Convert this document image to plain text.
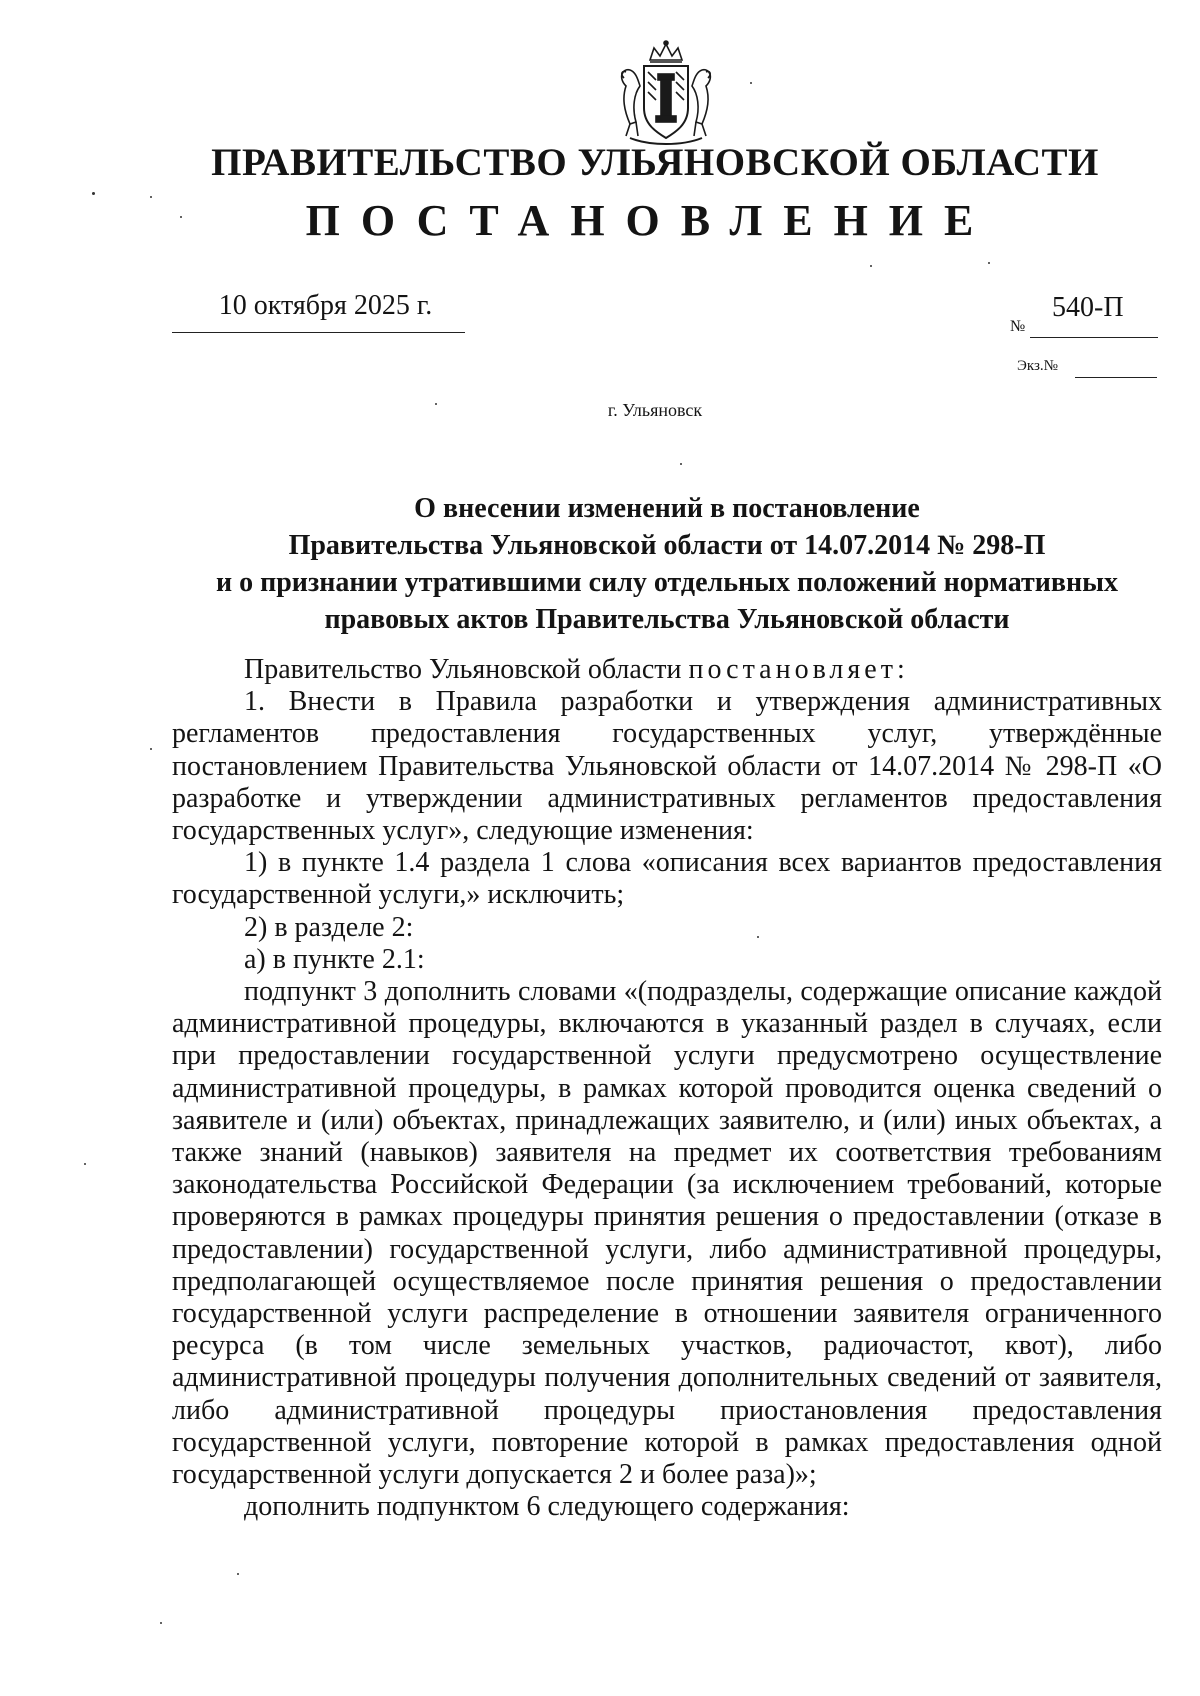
ПРАВИТЕЛЬСТВО УЛЬЯНОВСКОЙ ОБЛАСТИ
ПОСТАНОВЛЕНИЕ
10 октября 2025 г.
№
540-П
Экз.№
г. Ульяновск
О внесении изменений в постановление
Правительства Ульяновской области от 14.07.2014 № 298-П
и о признании утратившими силу отдельных положений нормативных
правовых актов Правительства Ульяновской области

Правительство Ульяновской области постановляет:

1. Внести в Правила разработки и утверждения административных регламентов предоставления государственных услуг, утверждённые постановлением Правительства Ульяновской области от 14.07.2014 № 298-П «О разработке и утверждении административных регламентов предоставления государственных услуг», следующие изменения:

1) в пункте 1.4 раздела 1 слова «описания всех вариантов предоставления государственной услуги,» исключить;

2) в разделе 2:

а) в пункте 2.1:

подпункт 3 дополнить словами «(подразделы, содержащие описание каждой административной процедуры, включаются в указанный раздел в случаях, если при предоставлении государственной услуги предусмотрено осуществление административной процедуры, в рамках которой проводится оценка сведений о заявителе и (или) объектах, принадлежащих заявителю, и (или) иных объектах, а также знаний (навыков) заявителя на предмет их соответствия требованиям законодательства Российской Федерации (за исключением требований, которые проверяются в рамках процедуры принятия решения о предоставлении (отказе в предоставлении) государственной услуги, либо административной процедуры, предполагающей осуществляемое после принятия решения о предоставлении государственной услуги распределение в отношении заявителя ограниченного ресурса (в том числе земельных участков, радиочастот, квот), либо административной процедуры получения дополнительных сведений от заявителя, либо административной процедуры приостановления предоставления государственной услуги, повторение которой в рамках предоставления одной государственной услуги допускается 2 и более раза)»;

дополнить подпунктом 6 следующего содержания:
